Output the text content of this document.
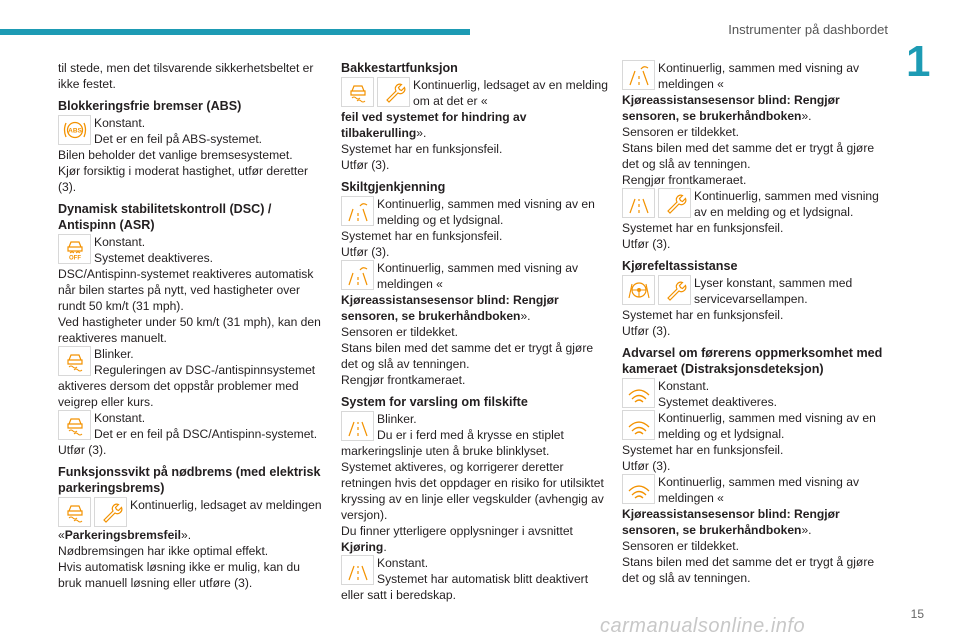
Instrumenter på dashbordet
1

til stede, men det tilsvarende sikkerhetsbeltet er ikke festet.

Blokkeringsfrie bremser (ABS)
ABS
Konstant.
Det er en feil på ABS-systemet.

Bilen beholder det vanlige bremsesystemet.
Kjør forsiktig i moderat hastighet, utfør deretter (3).

Dynamisk stabilitetskontroll (DSC) / Antispinn (ASR)
OFF
Konstant.
Systemet deaktiveres.

DSC/Antispinn-systemet reaktiveres automatisk når bilen startes på nytt, ved hastigheter over rundt 50 km/t (31 mph).
Ved hastigheter under 50 km/t (31 mph), kan den reaktiveres manuelt.

Blinker.
Reguleringen av DSC-/antispinnsystemet

aktiveres dersom det oppstår problemer med veigrep eller kurs.

Konstant.
Det er en feil på DSC/Antispinn-systemet.

Utfør (3).

Funksjonssvikt på nødbrems (med elektrisk parkeringsbrems)
Kontinuerlig, ledsaget av meldingen

«Parkeringsbremsfeil».

Nødbremsingen har ikke optimal effekt.
Hvis automatisk løsning ikke er mulig, kan du bruk manuell løsning eller utføre (3).

Bakkestartfunksjon
Kontinuerlig, ledsaget av en melding om at det er «

feil ved systemet for hindring av tilbakerulling».

Systemet har en funksjonsfeil.
Utfør (3).

Skiltgjenkjenning
Kontinuerlig, sammen med visning av en melding og et lydsignal.

Systemet har en funksjonsfeil.
Utfør (3).

Kontinuerlig, sammen med visning av meldingen «

Kjøreassistansesensor blind: Rengjør sensoren, se brukerhåndboken».

Sensoren er tildekket.
Stans bilen med det samme det er trygt å gjøre det og slå av tenningen.
Rengjør frontkameraet.

System for varsling om filskifte
Blinker.
Du er i ferd med å krysse en stiplet

markeringslinje uten å bruke blinklyset.
Systemet aktiveres, og korrigerer deretter retningen hvis det oppdager en risiko for utilsiktet kryssing av en linje eller vegskulder (avhengig av versjon).
Du finner ytterligere opplysninger i avsnittet

Kjøring.

Konstant.
Systemet har automatisk blitt deaktivert

eller satt i beredskap.

Kontinuerlig, sammen med visning av meldingen «

Kjøreassistansesensor blind: Rengjør sensoren, se brukerhåndboken».

Sensoren er tildekket.
Stans bilen med det samme det er trygt å gjøre det og slå av tenningen.
Rengjør frontkameraet.

Kontinuerlig, sammen med visning av en melding og et lydsignal.

Systemet har en funksjonsfeil.
Utfør (3).

Kjørefeltassistanse
Lyser konstant, sammen med servicevarsellampen.

Systemet har en funksjonsfeil.
Utfør (3).

Advarsel om førerens oppmerksomhet med kameraet (Distraksjonsdeteksjon)
Konstant.
Systemet deaktiveres.
Kontinuerlig, sammen med visning av en melding og et lydsignal.

Systemet har en funksjonsfeil.
Utfør (3).

Kontinuerlig, sammen med visning av meldingen «

Kjøreassistansesensor blind: Rengjør sensoren, se brukerhåndboken».

Sensoren er tildekket.
Stans bilen med det samme det er trygt å gjøre det og slå av tenningen.

carmanualsonline.info
15
